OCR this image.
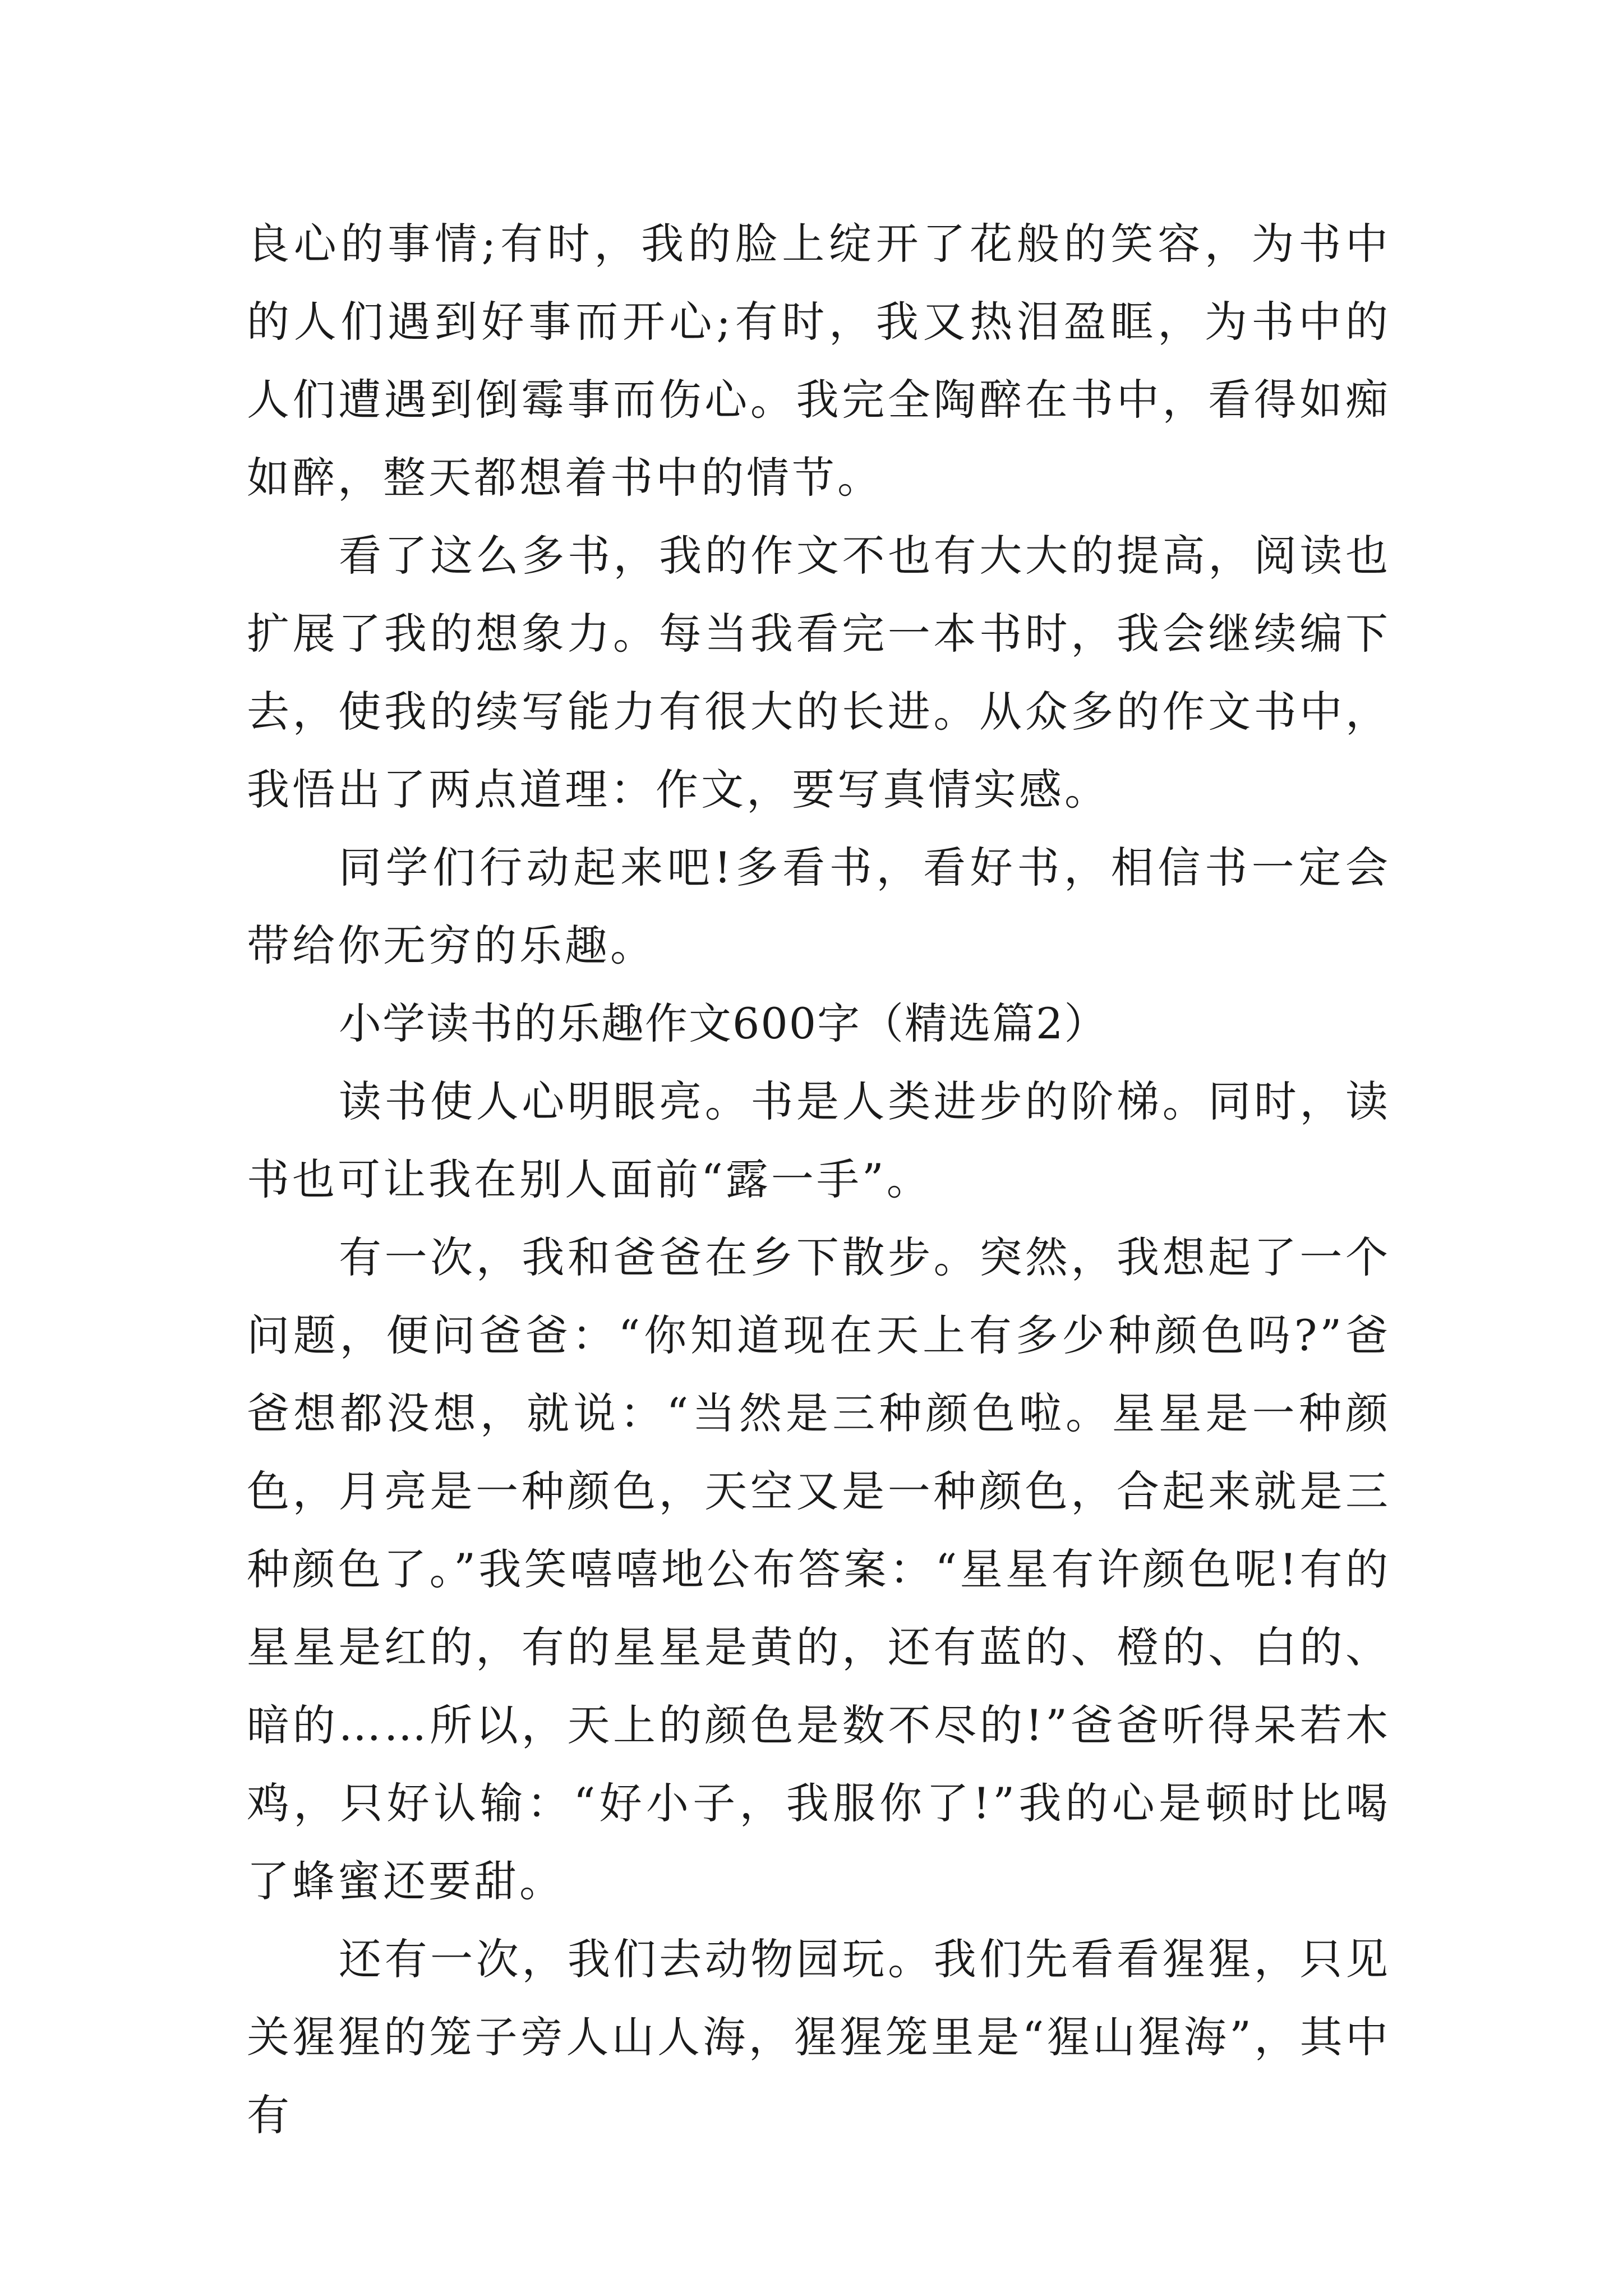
良心的事情;有时，我的脸上绽开了花般的笑容，为书中的人们遇到好事而开心;有时，我又热泪盈眶，为书中的人们遭遇到倒霉事而伤心。我完全陶醉在书中，看得如痴如醉，整天都想着书中的情节。

看了这么多书，我的作文不也有大大的提高，阅读也扩展了我的想象力。每当我看完一本书时，我会继续编下去，使我的续写能力有很大的长进。从众多的作文书中，我悟出了两点道理：作文，要写真情实感。

同学们行动起来吧!多看书，看好书，相信书一定会带给你无穷的乐趣。

小学读书的乐趣作文600字（精选篇2）

读书使人心明眼亮。书是人类进步的阶梯。同时，读书也可让我在别人面前“露一手”。

有一次，我和爸爸在乡下散步。突然，我想起了一个问题，便问爸爸：“你知道现在天上有多少种颜色吗?”爸爸想都没想，就说：“当然是三种颜色啦。星星是一种颜色，月亮是一种颜色，天空又是一种颜色，合起来就是三种颜色了。”我笑嘻嘻地公布答案：“星星有许颜色呢!有的星星是红的，有的星星是黄的，还有蓝的、橙的、白的、暗的……所以，天上的颜色是数不尽的!”爸爸听得呆若木鸡，只好认输：“好小子，我服你了!”我的心是顿时比喝了蜂蜜还要甜。

还有一次，我们去动物园玩。我们先看看猩猩，只见关猩猩的笼子旁人山人海，猩猩笼里是“猩山猩海”，其中有
